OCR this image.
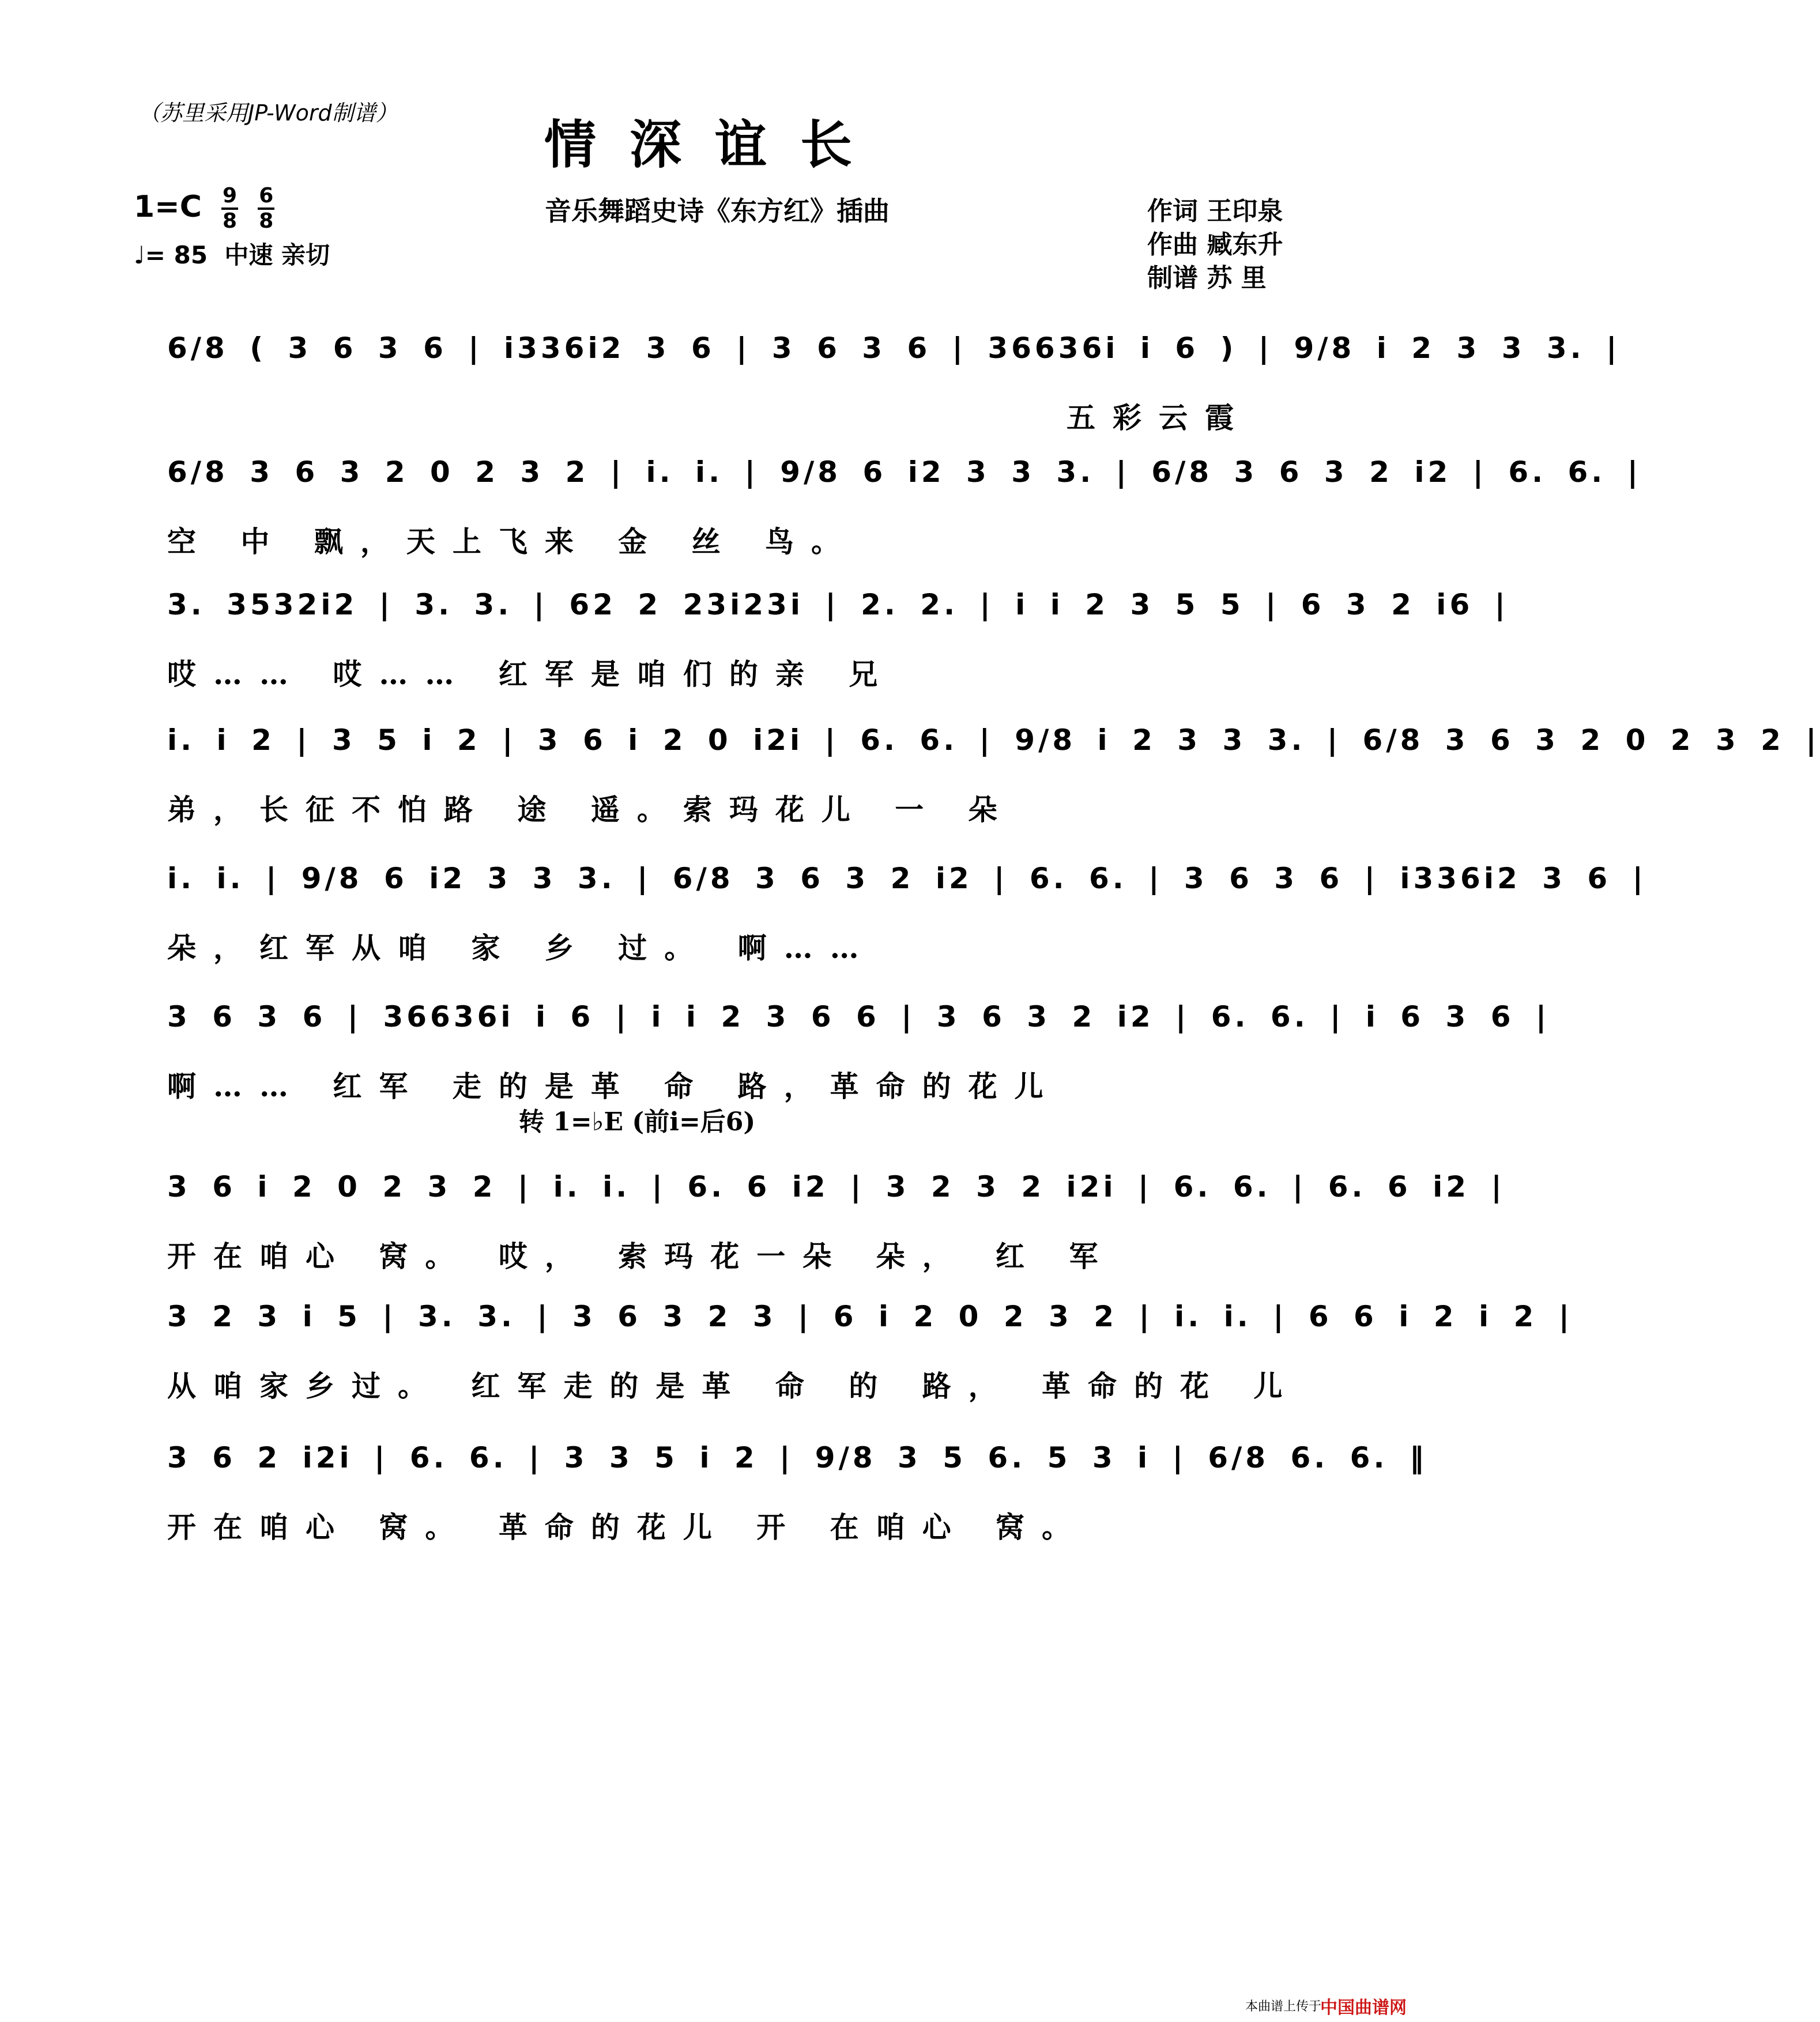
（苏里采用JP-Word制谱）
情深谊长
$1=C \frac{9}{8}$
$\frac{6}{8}$
♩= 85 中速 亲切
音乐舞蹈史诗《东方红》插曲	作词 王印泉
作曲 臧东升
制谱 苏 里
6/8 ( 3 6 3 6 | i336i2 3 6 | 3 6 3 6 | 36636i i 6 ) | 9/8 i 2 3 3 3. |
五彩云霞
6/8 3 6 3 2 0 2 3 2 | i. i. | 9/8 6 i2 3 3 3. | 6/8 3 6 3 2 i2 | 6. 6. |
空 中 飘，天上飞来 金 丝 鸟。
3. 3532i2 | 3. 3. | 62 2 23i23i | 2. 2. | i i 2 3 5 5 | 6 3 2 i6 |
哎…… 哎…… 红军是咱们的亲 兄
i. i 2 | 3 5 i 2 | 3 6 i 2 0 i2i | 6. 6. | 9/8 i 2 3 3 3. | 6/8 3 6 3 2 0 2 3 2 |
弟，长征不怕路 途 遥。索玛花儿 一 朵
i. i. | 9/8 6 i2 3 3 3. | 6/8 3 6 3 2 i2 | 6. 6. | 3 6 3 6 | i336i2 3 6 |
朵，红军从咱 家 乡 过。 啊……
3 6 3 6 | 36636i i 6 | i i 2 3 6 6 | 3 6 3 2 i2 | 6. 6. | i 6 3 6 |
啊…… 红军 走的是革 命 路，革命的花儿
转 1=♭E (前i=后6)
3 6 i 2 0 2 3 2 | i. i. | 6. 6 i2 | 3 2 3 2 i2i | 6. 6. | 6. 6 i2 |
开在咱心 窝。 哎， 索玛花一朵 朵， 红 军
3 2 3 i 5 | 3. 3. | 3 6 3 2 3 | 6 i 2 0 2 3 2 | i. i. | 6 6 i 2 i 2 |
从咱家乡过。 红军走的是革 命 的 路， 革命的花 儿
3 6 2 i2i | 6. 6. | 3 3 5 i 2 | 9/8 3 5 6. 5 3 i | 6/8 6. 6. ‖
开在咱心 窝。 革命的花儿 开 在咱心 窝。
本曲谱上传于
中国曲谱网
